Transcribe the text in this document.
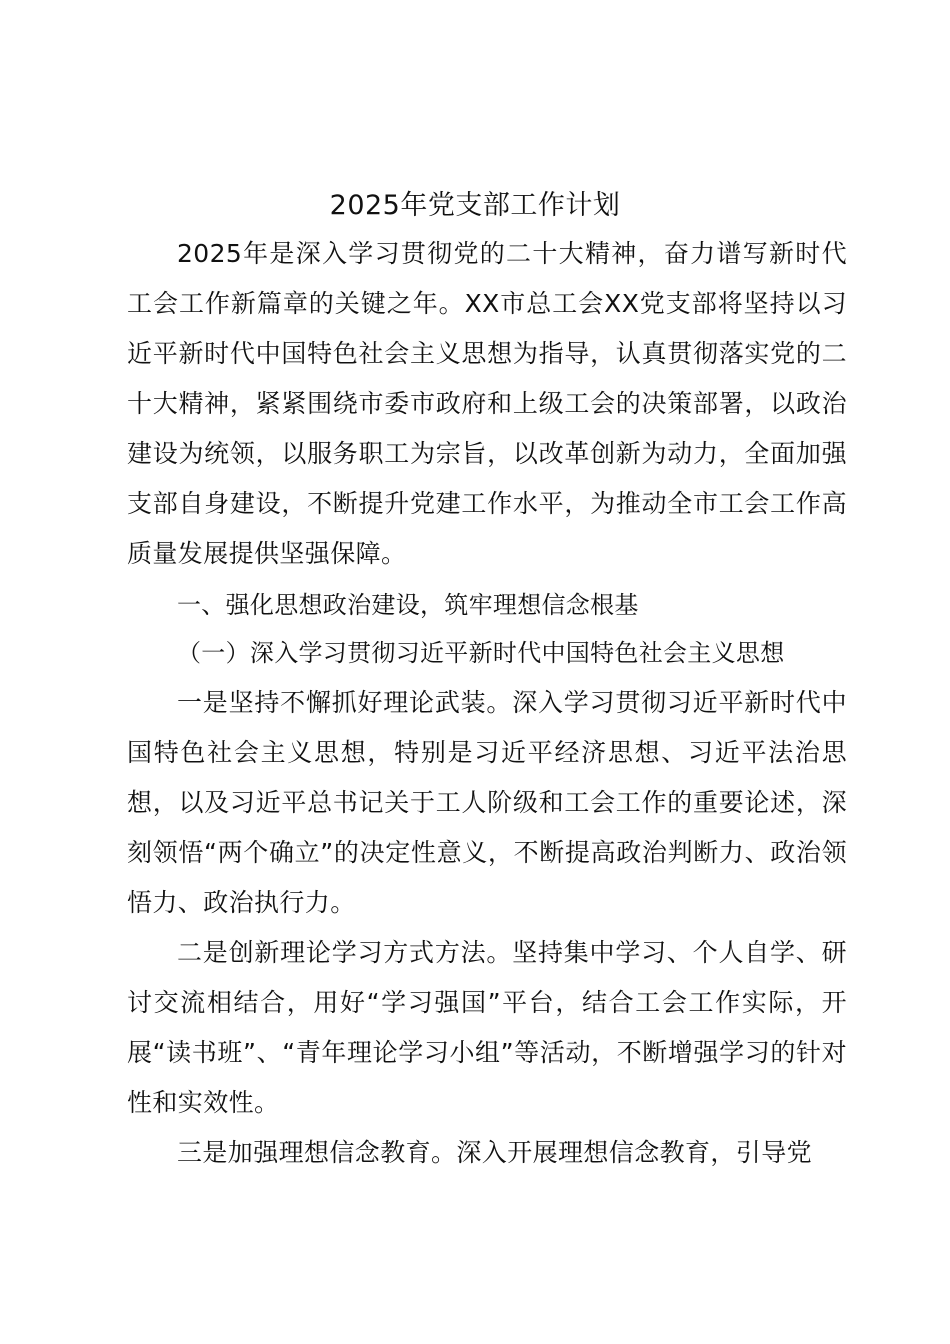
2025年党支部工作计划
2025年是深入学习贯彻党的二十大精神，奋力谱写新时代工会工作新篇章的关键之年。XX市总工会XX党支部将坚持以习近平新时代中国特色社会主义思想为指导，认真贯彻落实党的二十大精神，紧紧围绕市委市政府和上级工会的决策部署，以政治建设为统领，以服务职工为宗旨，以改革创新为动力，全面加强支部自身建设，不断提升党建工作水平，为推动全市工会工作高质量发展提供坚强保障。
一、强化思想政治建设，筑牢理想信念根基
（一）深入学习贯彻习近平新时代中国特色社会主义思想
一是坚持不懈抓好理论武装。深入学习贯彻习近平新时代中国特色社会主义思想，特别是习近平经济思想、习近平法治思想，以及习近平总书记关于工人阶级和工会工作的重要论述，深刻领悟“两个确立”的决定性意义，不断提高政治判断力、政治领悟力、政治执行力。
二是创新理论学习方式方法。坚持集中学习、个人自学、研讨交流相结合，用好“学习强国”平台，结合工会工作实际，开展“读书班”、“青年理论学习小组”等活动，不断增强学习的针对性和实效性。
三是加强理想信念教育。深入开展理想信念教育，引导党
